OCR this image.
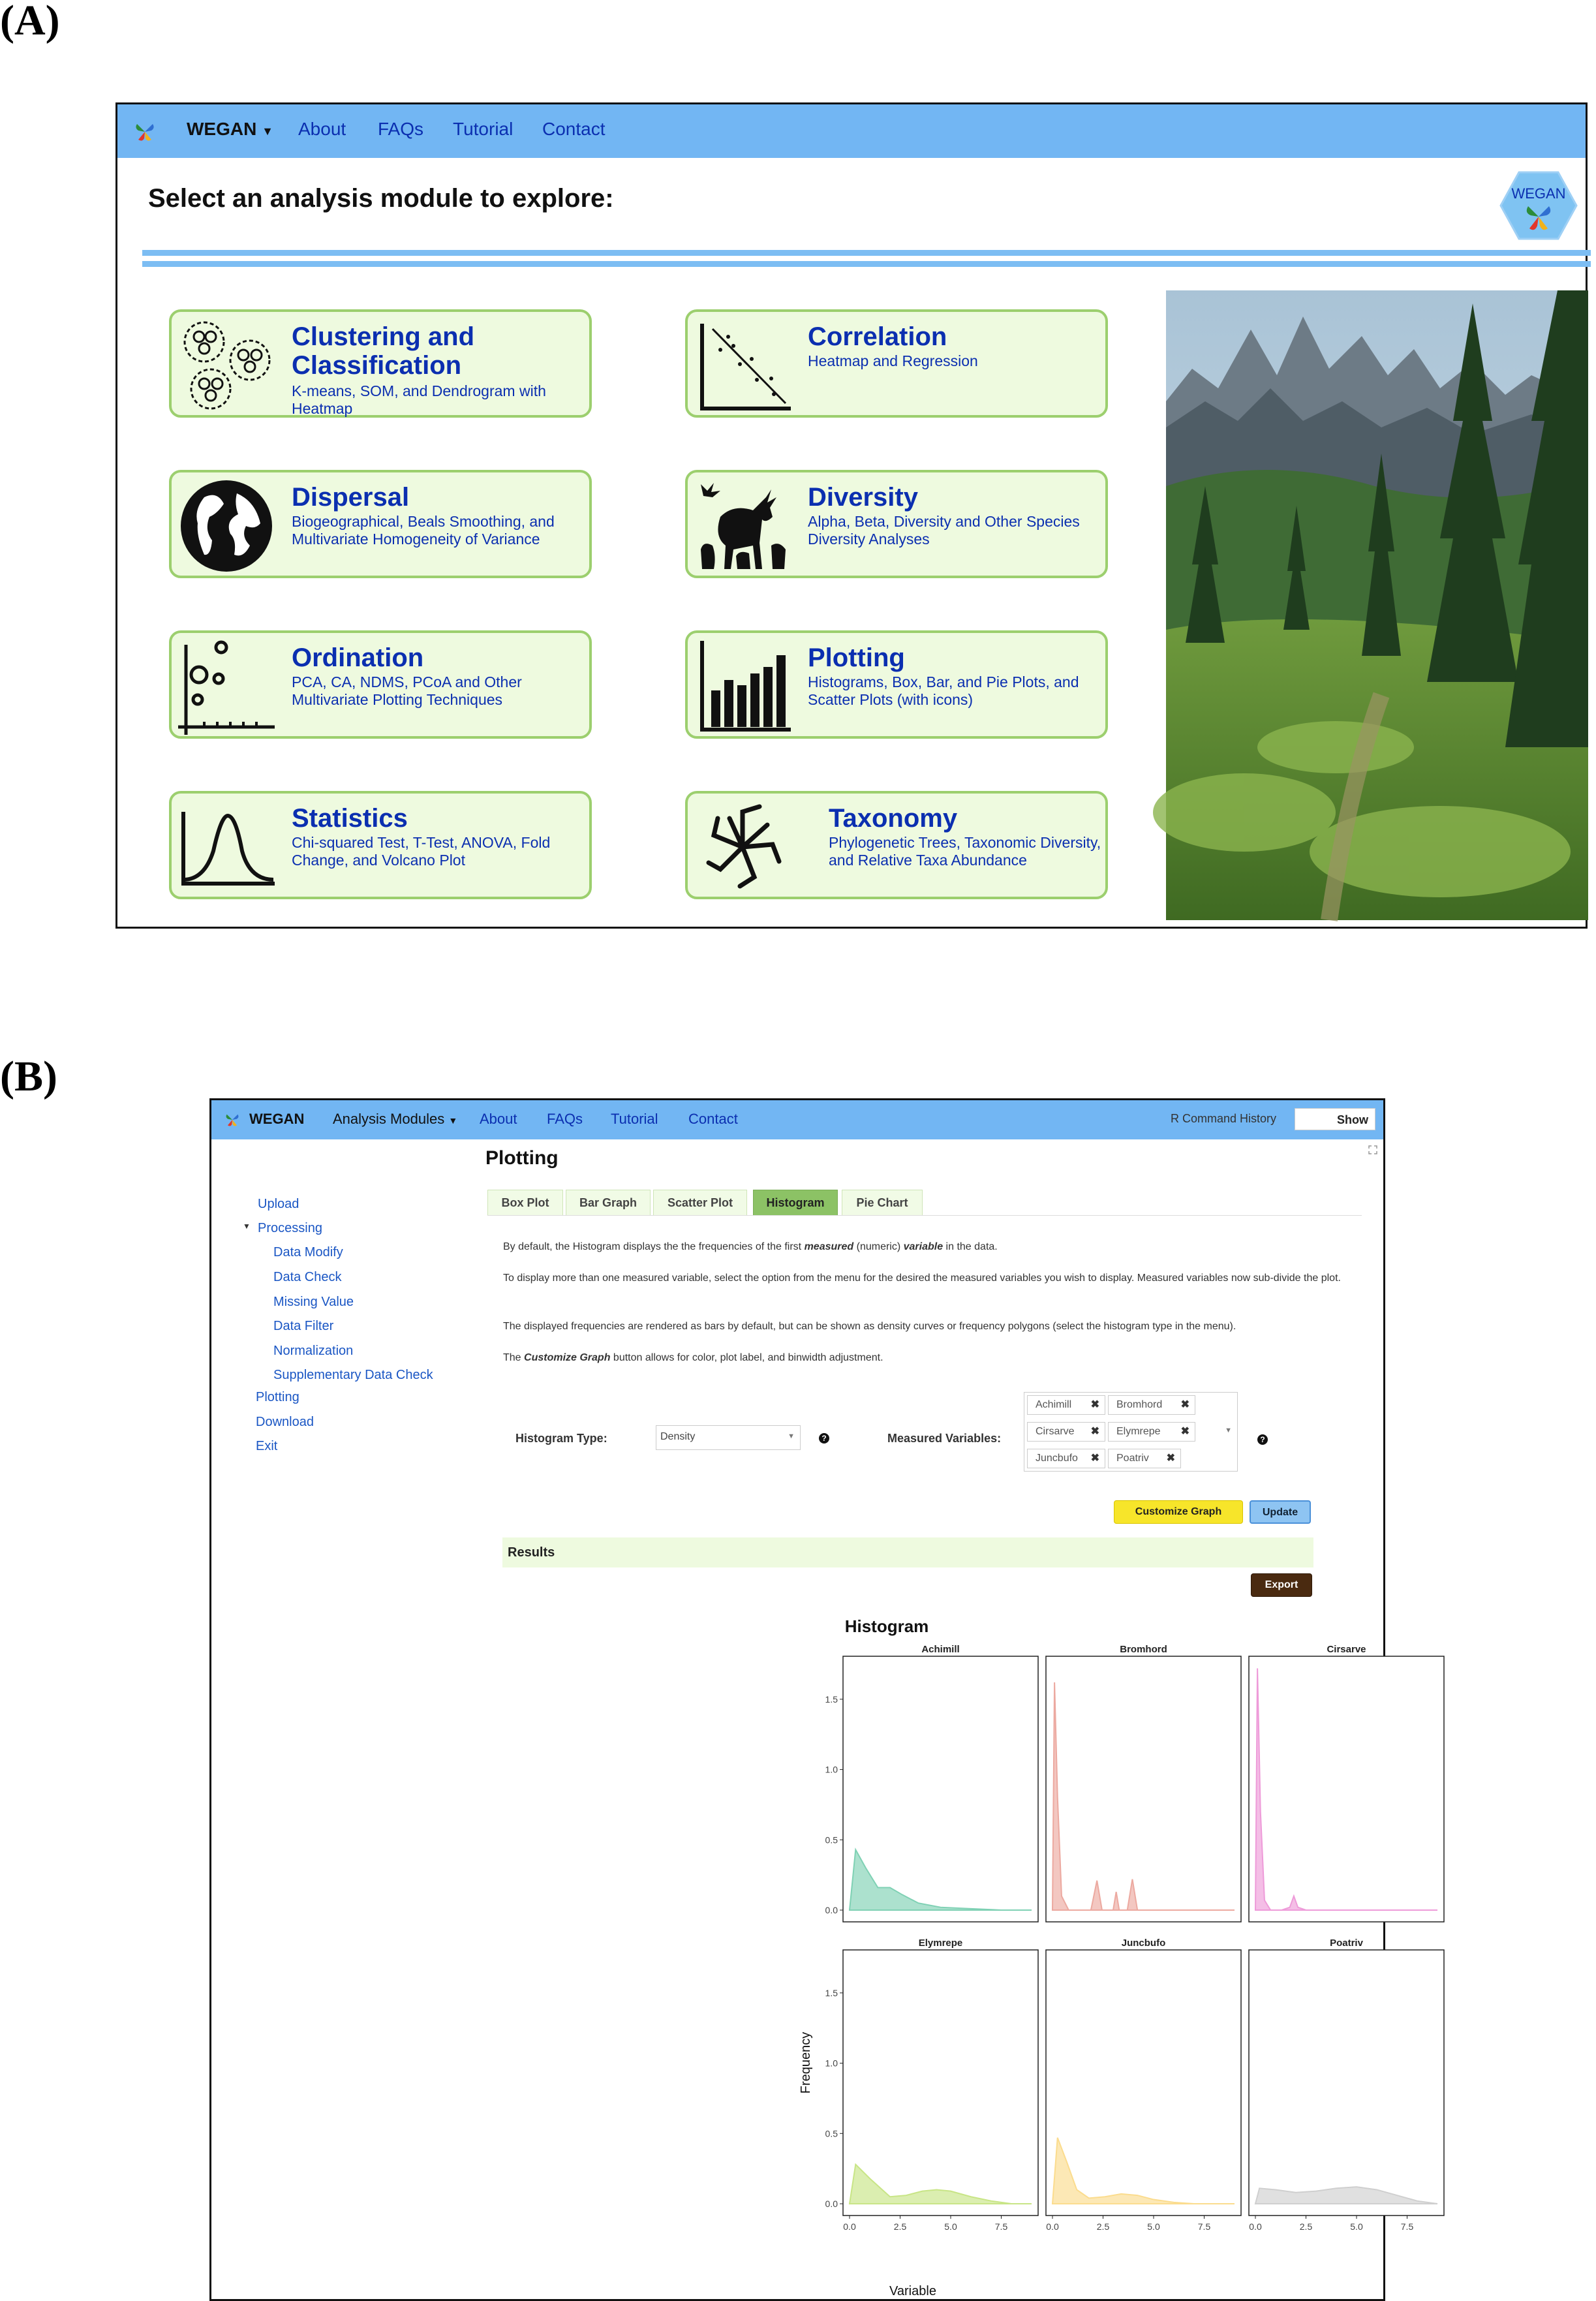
(A)
WEGAN ▼ About FAQs Tutorial Contact
Select an analysis module to explore:	WEGAN
Clustering and Classification
K-means, SOM, and Dendrogram with Heatmap
Correlation
Heatmap and Regression
Dispersal
Biogeographical, Beals Smoothing, and Multivariate Homogeneity of Variance
Diversity
Alpha, Beta, Diversity and Other Species Diversity Analyses
Ordination
PCA, CA, NDMS, PCoA and Other Multivariate Plotting Techniques
Plotting
Histograms, Box, Bar, and Pie Plots, and Scatter Plots (with icons)
Statistics
Chi-squared Test, T-Test, ANOVA, Fold Change, and Volcano Plot
Taxonomy
Phylogenetic Trees, Taxonomic Diversity, and Relative Taxa Abundance
(B)
WEGAN Analysis Modules ▼ About FAQs Tutorial Contact	R Command History	Show
Upload
▼ Processing
Data Modify
Data Check
Missing Value
Data Filter
Normalization
Supplementary Data Check
Plotting
Download
Exit
Plotting
Box Plot	Bar Graph	Scatter Plot	Histogram	Pie Chart
By default, the Histogram displays the the frequencies of the first measured (numeric) variable in the data.
To display more than one measured variable, select the option from the menu for the desired the measured variables you wish to display. Measured variables now sub-divide the plot.
The displayed frequencies are rendered as bars by default, but can be shown as density curves or frequency polygons (select the histogram type in the menu).
The Customize Graph button allows for color, plot label, and binwidth adjustment.
Histogram Type:	Density	▼	?	Measured Variables:
Achimill ✖	Bromhord ✖
Cirsarve ✖	Elymrepe ✖
Juncbufo ✖	Poatriv ✖
▼
?
Customize Graph	Update
Results
Export
Histogram
Frequency
Variable
Achimill
0.0
0.5
1.0
1.5
Bromhord	Cirsarve
Elymrepe
0.0
0.5
1.0
1.5
0.0	2.5	5.0	7.5
Juncbufo
0.0	2.5	5.0	7.5
Poatriv
0.0	2.5	5.0	7.5
